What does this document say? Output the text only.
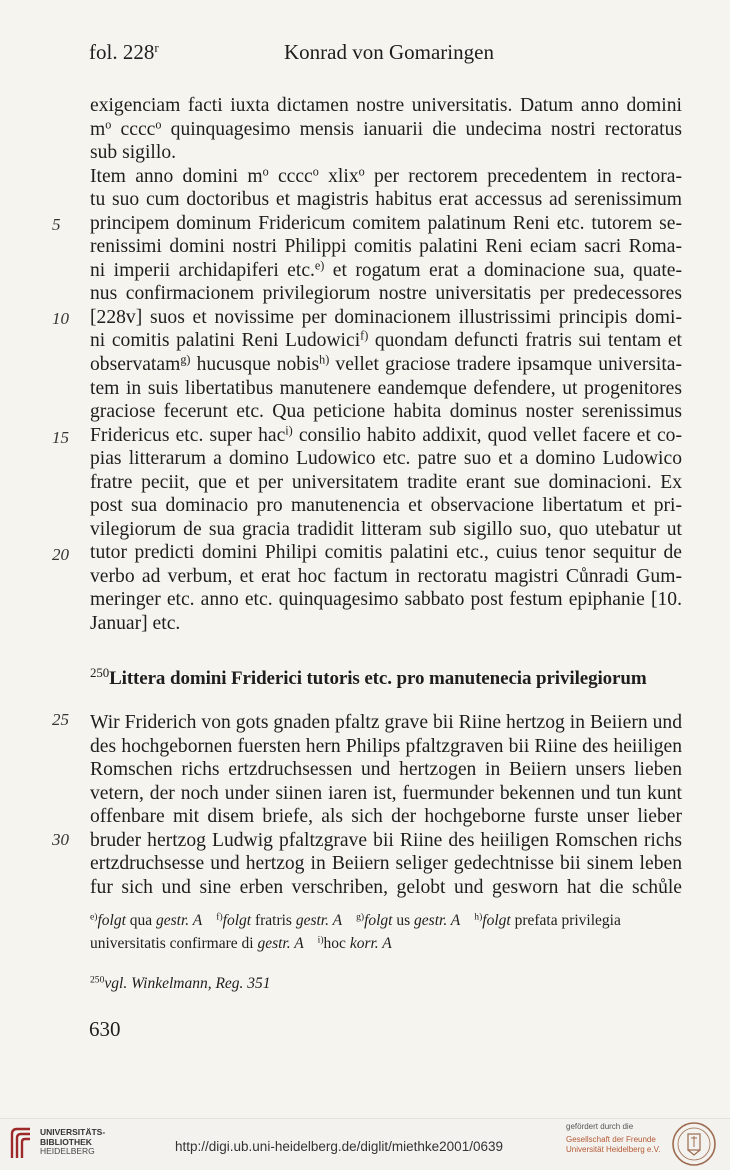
fol. 228$^r$	Konrad von Gomaringen
exigenciam facti iuxta dictamen nostre universitatis. Datum anno domini
$m^o$ cccc$^o$ quinquagesimo mensis ianuarii die undecima nostri rectoratus
sub sigillo.
Item anno domini $m^o$ cccc$^o$ xlix$^o$ per rectorem precedentem in rectora-
tu suo cum doctoribus et magistris habitus erat accessus ad serenissimum
principem dominum Fridericum comitem palatinum Reni etc. tutorem se-
renissimi domini nostri Philippi comitis palatini Reni eciam sacri Roma-
ni imperii archidapiferi etc.$^{e)}$ et rogatum erat a dominacione sua, quate-
nus confirmacionem privilegiorum nostre universitatis per predecessores
[228v] suos et novissime per dominacionem illustrissimi principis domi-
ni comitis palatini Reni Ludowici$^{f)}$ quondam defuncti fratris sui tentam et
observatam$^{g)}$ hucusque nobis$^{h)}$ vellet graciose tradere ipsamque universita-
tem in suis libertatibus manutenere eandemque defendere, ut progenitores
graciose fecerunt etc. Qua peticione habita dominus noster serenissimus
Fridericus etc. super hac$^{i)}$ consilio habito addixit, quod vellet facere et co-
pias litterarum a domino Ludowico etc. patre suo et a domino Ludowico
fratre peciit, que et per universitatem tradite erant sue dominacioni. Ex
post sua dominacio pro manutenencia et observacione libertatum et pri-
vilegiorum de sua gracia tradidit litteram sub sigillo suo, quo utebatur ut
tutor predicti domini Philipi comitis palatini etc., cuius tenor sequitur de
verbo ad verbum, et erat hoc factum in rectoratu magistri Cůnradi Gum-
meringer etc. anno etc. quinquagesimo sabbato post festum epiphanie [10.
Januar] etc.
5
10
15
20
25
30
$^{250}$Littera domini Friderici tutoris etc. pro manutenecia privilegiorum
Wir Friderich von gots gnaden pfaltz grave bii Riine hertzog in Beiiern und
des hochgebornen fuersten hern Philips pfaltzgraven bii Riine des heiiligen
Romschen richs ertzdruchsessen und hertzogen in Beiiern unsers lieben
vetern, der noch under siinen iaren ist, fuermunder bekennen und tun kunt
offenbare mit disem briefe, als sich der hochgeborne furste unser lieber
bruder hertzog Ludwig pfaltzgrave bii Riine des heiiligen Romschen richs
ertzdruchsesse und hertzog in Beiiern seliger gedechtnisse bii sinem leben
fur sich und sine erben verschriben, gelobt und gesworn hat die schůle
$^{e)}$folgt qua gestr. A $^{f)}$folgt fratris gestr. A $^{g)}$folgt us gestr. A $^{h)}$folgt prefata privilegia
universitatis confirmare di gestr. A $^{i)}$hoc korr. A
$^{250}$vgl. Winkelmann, Reg. 351
630
UNIVERSITÄTS-
BIBLIOTHEK
HEIDELBERG	http://digi.ub.uni-heidelberg.de/diglit/miethke2001/0639
gefördert durch die
Gesellschaft der Freunde
Universität Heidelberg e.V.
